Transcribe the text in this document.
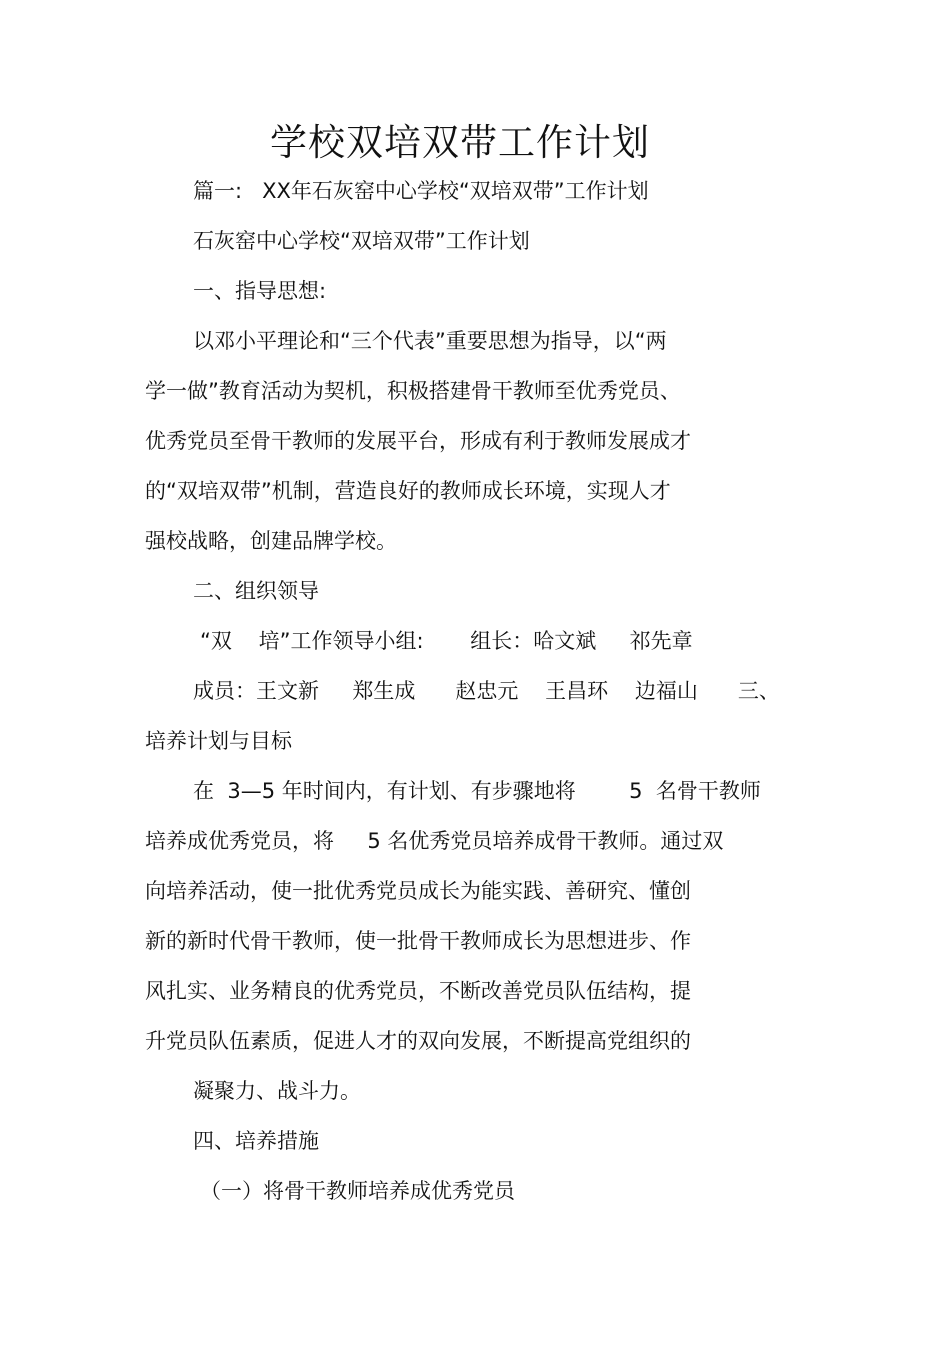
学校双培双带工作计划
篇一:   XX年石灰窑中心学校“双培双带”工作计划
石灰窑中心学校“双培双带”工作计划
一、指导思想:
以邓小平理论和“三个代表”重要思想为指导，以“两
学一做”教育活动为契机，积极搭建骨干教师至优秀党员、
优秀党员至骨干教师的发展平台，形成有利于教师发展成才
的“双培双带”机制，营造良好的教师成长环境，实现人才
强校战略，创建品牌学校。
二、组织领导
“双    培”工作领导小组:       组长：哈文斌     祁先章
成员：王文新     郑生成      赵忠元    王昌环    边福山      三、
培养计划与目标
在  3—5 年时间内，有计划、有步骤地将        5  名骨干教师
培养成优秀党员，将     5 名优秀党员培养成骨干教师。通过双
向培养活动，使一批优秀党员成长为能实践、善研究、懂创
新的新时代骨干教师，使一批骨干教师成长为思想进步、作
风扎实、业务精良的优秀党员，不断改善党员队伍结构，提
升党员队伍素质，促进人才的双向发展，不断提高党组织的
凝聚力、战斗力。
四、培养措施
（一）将骨干教师培养成优秀党员
